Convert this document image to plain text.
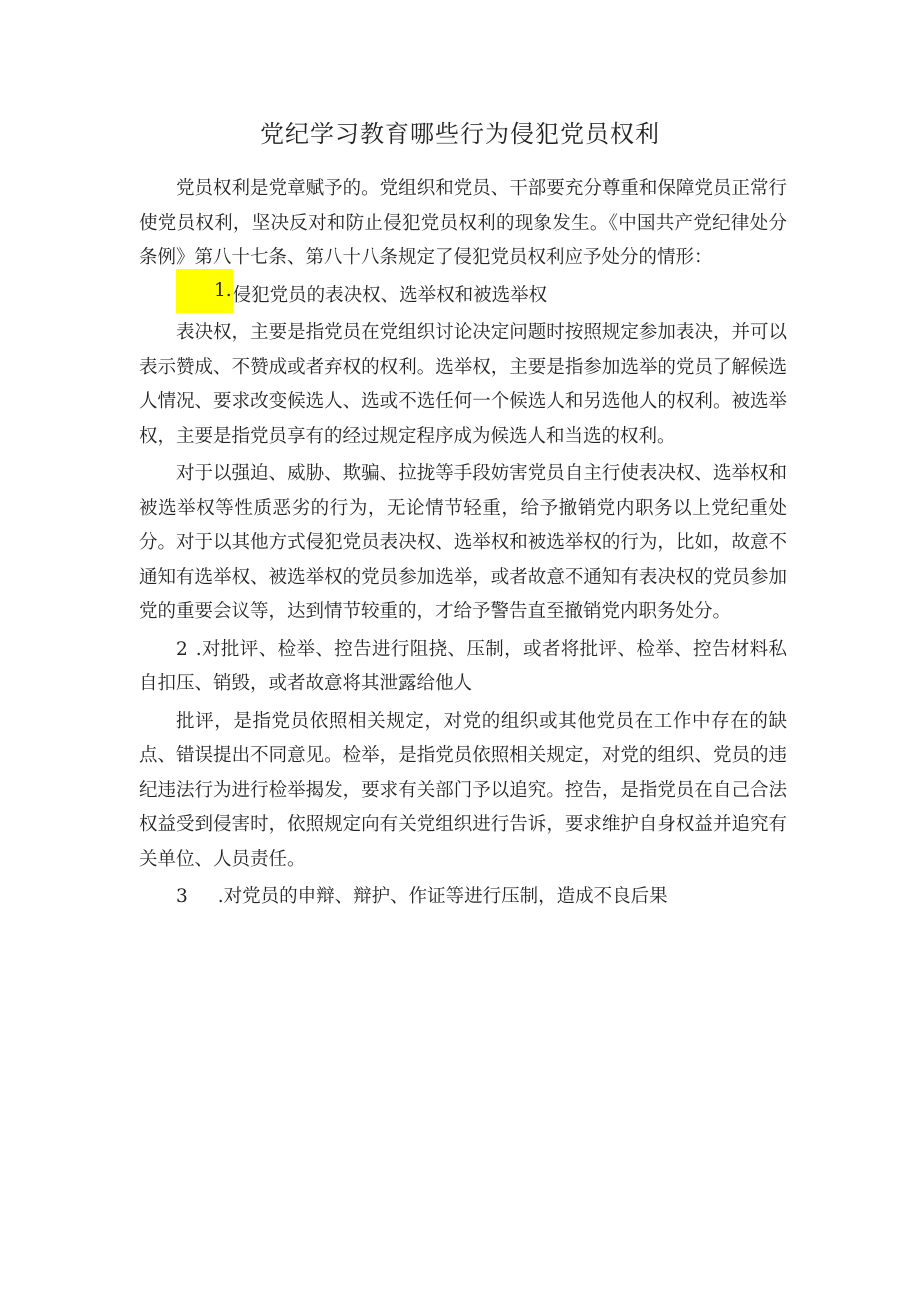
党纪学习教育哪些行为侵犯党员权利

党员权利是党章赋予的。党组织和党员、干部要充分尊重和保障党员正常行使党员权利，坚决反对和防止侵犯党员权利的现象发生。《中国共产党纪律处分条例》第八十七条、第八十八条规定了侵犯党员权利应予处分的情形：

1.侵犯党员的表决权、选举权和被选举权

表决权，主要是指党员在党组织讨论决定问题时按照规定参加表决，并可以表示赞成、不赞成或者弃权的权利。选举权，主要是指参加选举的党员了解候选人情况、要求改变候选人、选或不选任何一个候选人和另选他人的权利。被选举权，主要是指党员享有的经过规定程序成为候选人和当选的权利。

对于以强迫、威胁、欺骗、拉拢等手段妨害党员自主行使表决权、选举权和被选举权等性质恶劣的行为，无论情节轻重，给予撤销党内职务以上党纪重处分。对于以其他方式侵犯党员表决权、选举权和被选举权的行为，比如，故意不通知有选举权、被选举权的党员参加选举，或者故意不通知有表决权的党员参加党的重要会议等，达到情节较重的，才给予警告直至撤销党内职务处分。

2 .对批评、检举、控告进行阻挠、压制，或者将批评、检举、控告材料私自扣压、销毁，或者故意将其泄露给他人

批评，是指党员依照相关规定，对党的组织或其他党员在工作中存在的缺点、错误提出不同意见。检举，是指党员依照相关规定，对党的组织、党员的违纪违法行为进行检举揭发，要求有关部门予以追究。控告，是指党员在自己合法权益受到侵害时，依照规定向有关党组织进行告诉，要求维护自身权益并追究有关单位、人员责任。

3 .对党员的申辩、辩护、作证等进行压制，造成不良后果
